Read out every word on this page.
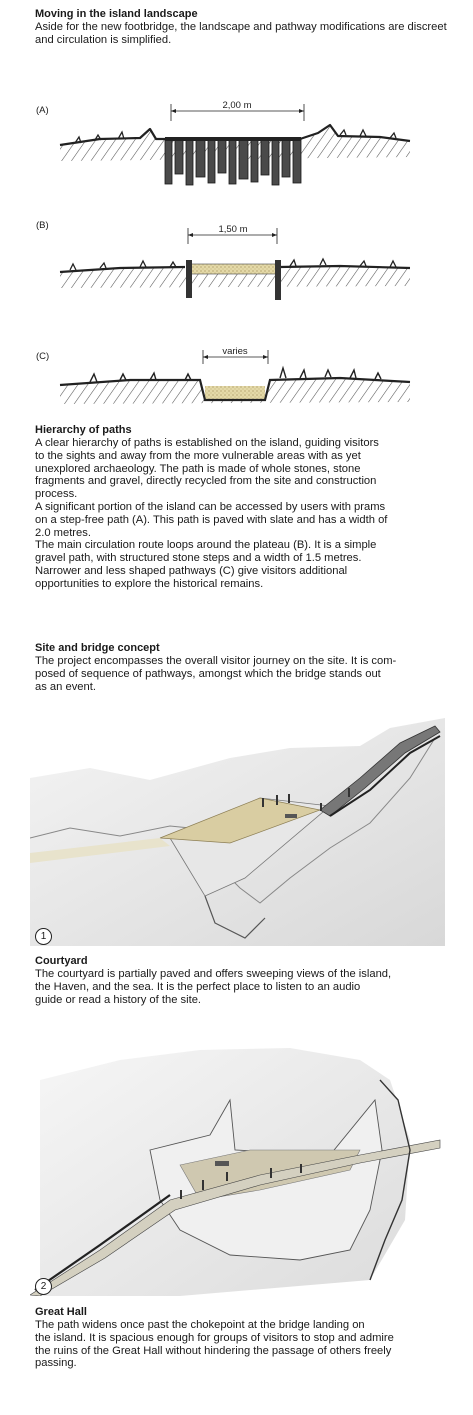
Moving in the island landscape
Aside for the new footbridge, the landscape and pathway modifications are discreet and circulation is simplified.
(A)	2,00 m
(B)	1,50 m
(C)	varies
Hierarchy of paths
A clear hierarchy of paths is established on the island, guiding visitors
to the sights and away from the more vulnerable areas with as yet
unexplored archaeology. The path is made of whole stones, stone
fragments and gravel, directly recycled from the site and construction
process.
A significant portion of the island can be accessed by users with prams
on a step-free path (A). This path is paved with slate and has a width of
2.0 metres.
The main circulation route loops around the plateau (B). It is a simple
gravel path, with structured stone steps and a width of 1.5 metres.
Narrower and less shaped pathways (C) give visitors additional
opportunities to explore the historical remains.
Site and bridge concept
The project encompasses the overall visitor journey on the site. It is com-
posed of sequence of pathways, amongst which the bridge stands out
as an event.
1
Courtyard
The courtyard is partially paved and offers sweeping views of the island,
the Haven, and the sea. It is the perfect place to listen to an audio
guide or read a history of the site.
2
Great Hall
The path widens once past the chokepoint at the bridge landing on
the island. It is spacious enough for groups of visitors to stop and admire
the ruins of the Great Hall without hindering the passage of others freely
passing.
